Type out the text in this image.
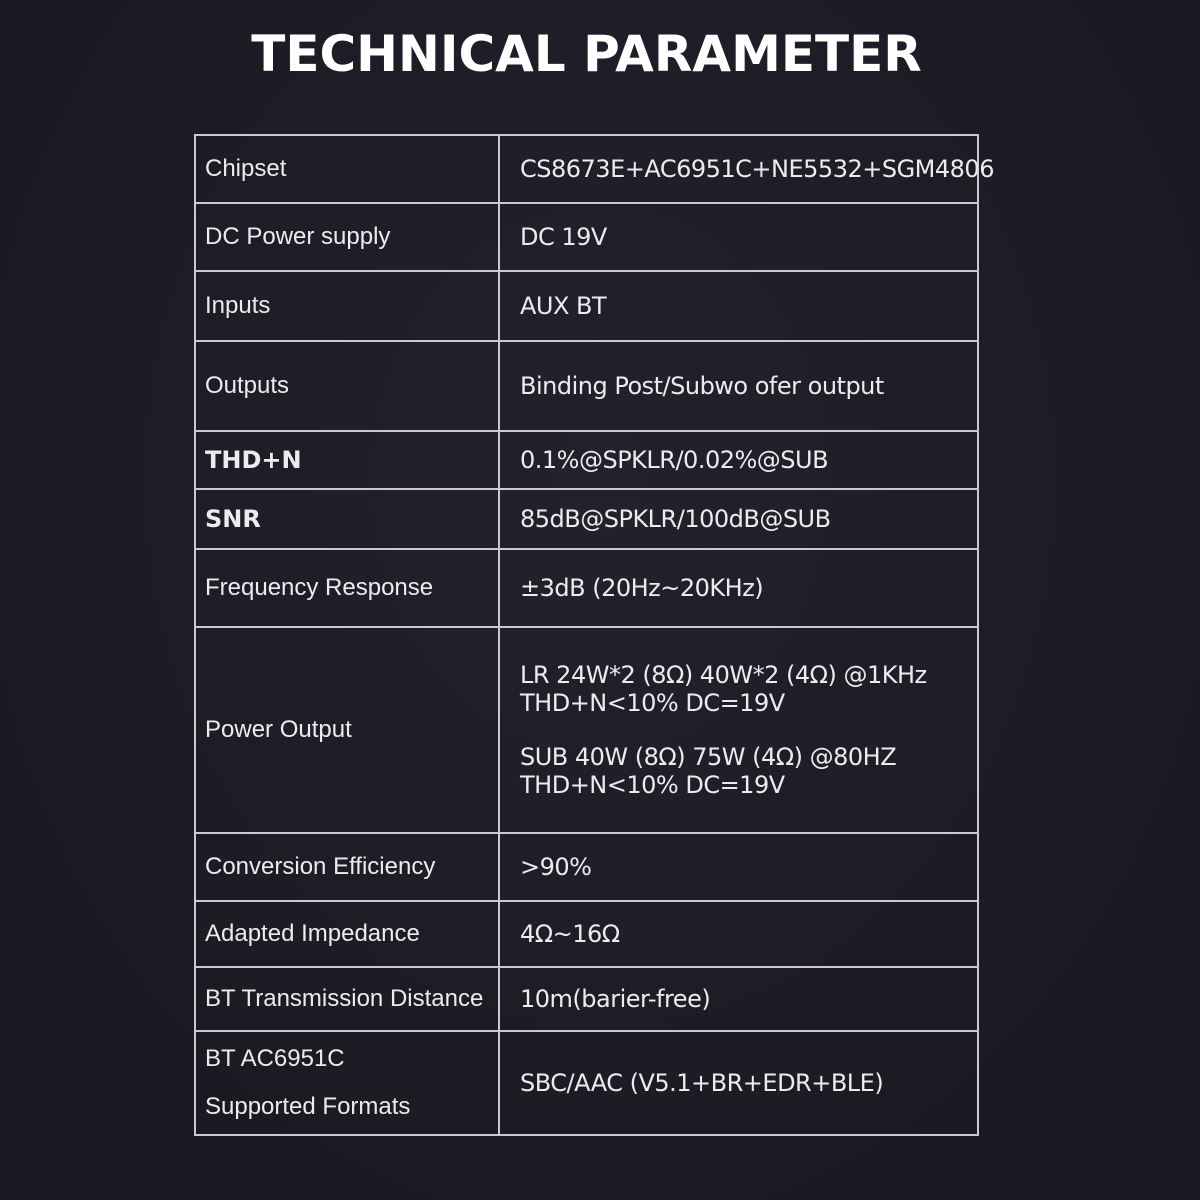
TECHNICAL PARAMETER
Chipset	CS8673E+AC6951C+NE5532+SGM4806
DC Power supply	DC 19V
Inputs	AUX BT
Outputs	Binding Post/Subwo ofer output
THD+N	0.1%@SPKLR/0.02%@SUB
SNR	85dB@SPKLR/100dB@SUB
Frequency Response	±3dB (20Hz~20KHz)
Power Output	LR 24W*2 (8Ω) 40W*2 (4Ω) @1KHz
THD+N<10% DC=19V
SUB 40W (8Ω) 75W (4Ω) @80HZ
THD+N<10% DC=19V

Conversion Efficiency	>90%
Adapted Impedance	4Ω~16Ω
BT Transmission Distance	10m(barier-free)

BT AC6951C
Supported Formats	SBC/AAC (V5.1+BR+EDR+BLE)
